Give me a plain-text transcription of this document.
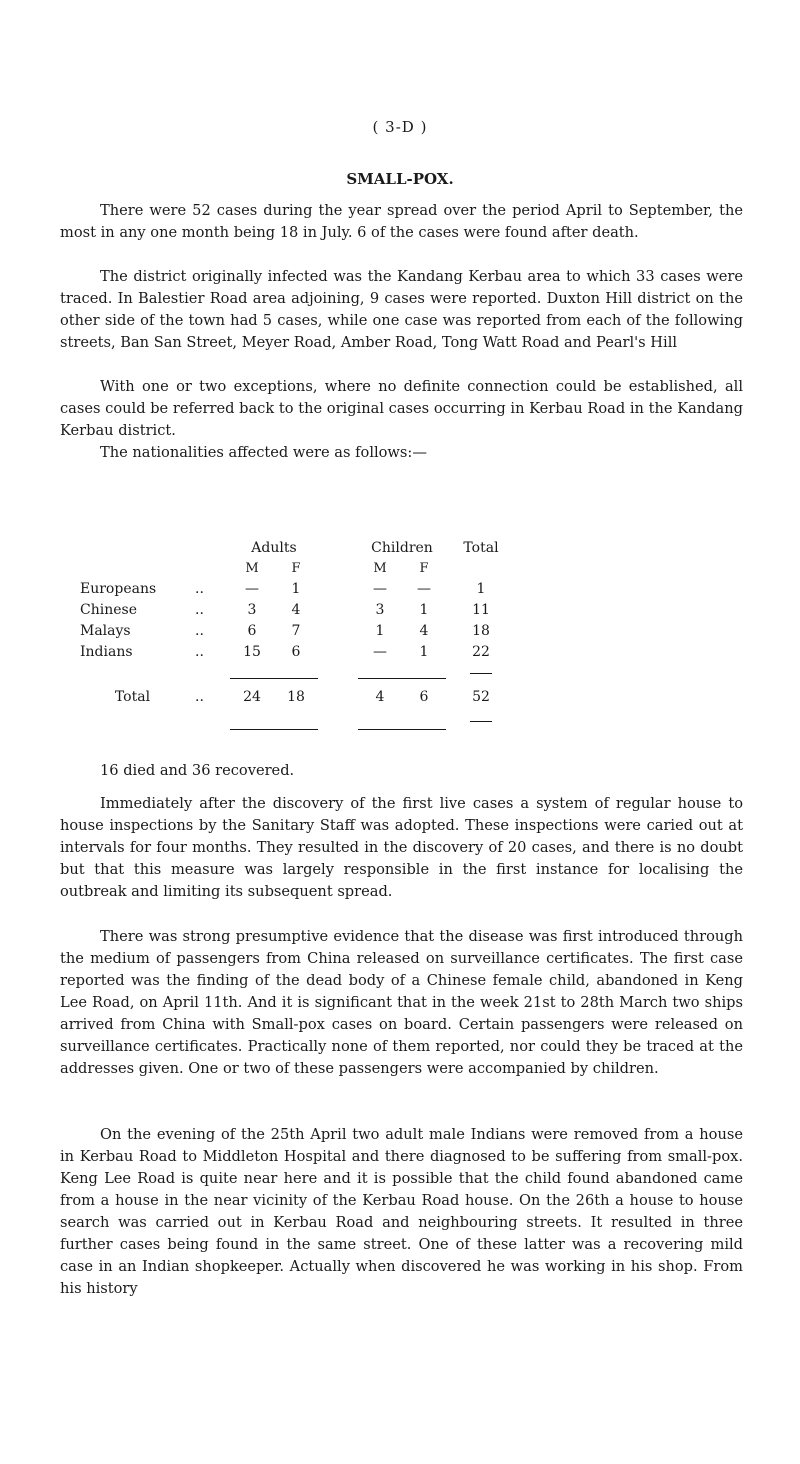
( 3-D )
SMALL-POX.

There were 52 cases during the year spread over the period April to September, the most in any one month being 18 in July. 6 of the cases were found after death.

The district originally infected was the Kandang Kerbau area to which 33 cases were traced. In Balestier Road area adjoining, 9 cases were reported. Duxton Hill district on the other side of the town had 5 cases, while one case was reported from each of the following streets, Ban San Street, Meyer Road, Amber Road, Tong Watt Road and Pearl's Hill

With one or two exceptions, where no definite connection could be established, all cases could be referred back to the original cases occurring in Kerbau Road in the Kandang Kerbau district.

The nationalities affected were as follows:—

		Adults			Children		Total
		M	F		M	F	
Europeans	..	—	1		—	—	1
Chinese	..	3	4		3	1	11
Malays	..	6	7		1	4	18
Indians	..	15	6		—	1	22

Total	..	24	18		4	6	52

16 died and 36 recovered.

Immediately after the discovery of the first live cases a system of regular house to house inspections by the Sanitary Staff was adopted. These inspections were caried out at intervals for four months. They resulted in the discovery of 20 cases, and there is no doubt but that this measure was largely responsible in the first instance for localising the outbreak and limiting its subsequent spread.

There was strong presumptive evidence that the disease was first introduced through the medium of passengers from China released on surveillance certificates. The first case reported was the finding of the dead body of a Chinese female child, abandoned in Keng Lee Road, on April 11th. And it is significant that in the week 21st to 28th March two ships arrived from China with Small-pox cases on board. Certain passengers were released on surveillance certificates. Practically none of them reported, nor could they be traced at the addresses given. One or two of these passengers were accompanied by children.

On the evening of the 25th April two adult male Indians were removed from a house in Kerbau Road to Middleton Hospital and there diagnosed to be suffering from small-pox. Keng Lee Road is quite near here and it is possible that the child found abandoned came from a house in the near vicinity of the Kerbau Road house. On the 26th a house to house search was carried out in Kerbau Road and neighbouring streets. It resulted in three further cases being found in the same street. One of these latter was a recovering mild case in an Indian shopkeeper. Actually when discovered he was working in his shop. From his history
